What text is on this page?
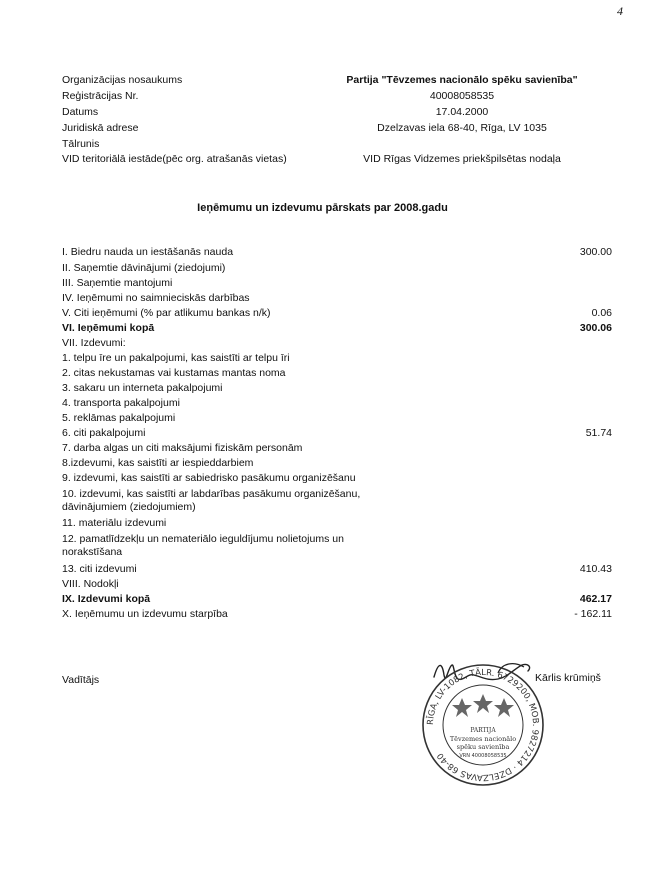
4
Organizācijas nosaukums	Partija "Tēvzemes nacionālo spēku savienība"
Reģistrācijas Nr.	40008058535
Datums	17.04.2000
Juridiskā adrese	Dzelzavas iela 68-40, Rīga, LV 1035
Tālrunis
VID teritoriālā iestāde(pēc org. atrašanās vietas)	VID Rīgas Vidzemes priekšpilsētas nodaļa
Ieņēmumu un izdevumu pārskats par 2008.gadu
I. Biedru nauda un iestāšanās nauda	300.00
II. Saņemtie dāvinājumi (ziedojumi)
III. Saņemtie mantojumi
IV. Ieņēmumi no saimnieciskās darbības
V. Citi ieņēmumi (% par atlikumu bankas n/k)	0.06
VI. Ieņēmumi kopā	300.06
VII. Izdevumi:
1. telpu īre un pakalpojumi, kas saistīti ar telpu īri
2. citas nekustamas vai kustamas mantas noma
3. sakaru un interneta pakalpojumi
4. transporta pakalpojumi
5. reklāmas pakalpojumi
6. citi pakalpojumi	51.74
7. darba algas un citi maksājumi fiziskām personām
8.izdevumi, kas saistīti ar iespieddarbiem
9. izdevumi, kas saistīti ar sabiedrisko pasākumu organizēšanu
10. izdevumi, kas saistīti ar labdarības pasākumu organizēšanu, dāvinājumiem (ziedojumiem)
11. materiālu izdevumi
12. pamatlīdzekļu un nemateriālo ieguldījumu nolietojums un norakstīšana
13. citi izdevumi	410.43
VIII. Nodokļi
IX. Izdevumi kopā	462.17
X. Ieņēmumu un izdevumu starpība	- 162.11
Vadītājs	Kārlis krūmiņš
RĪGA, LV-1082, TĀLR. 6729200, MOB. 9827214 · DZELZAVAS 68-40
PARTIJA
Tēvzemes nacionālo
spēku savienība
VRN 40008058535
